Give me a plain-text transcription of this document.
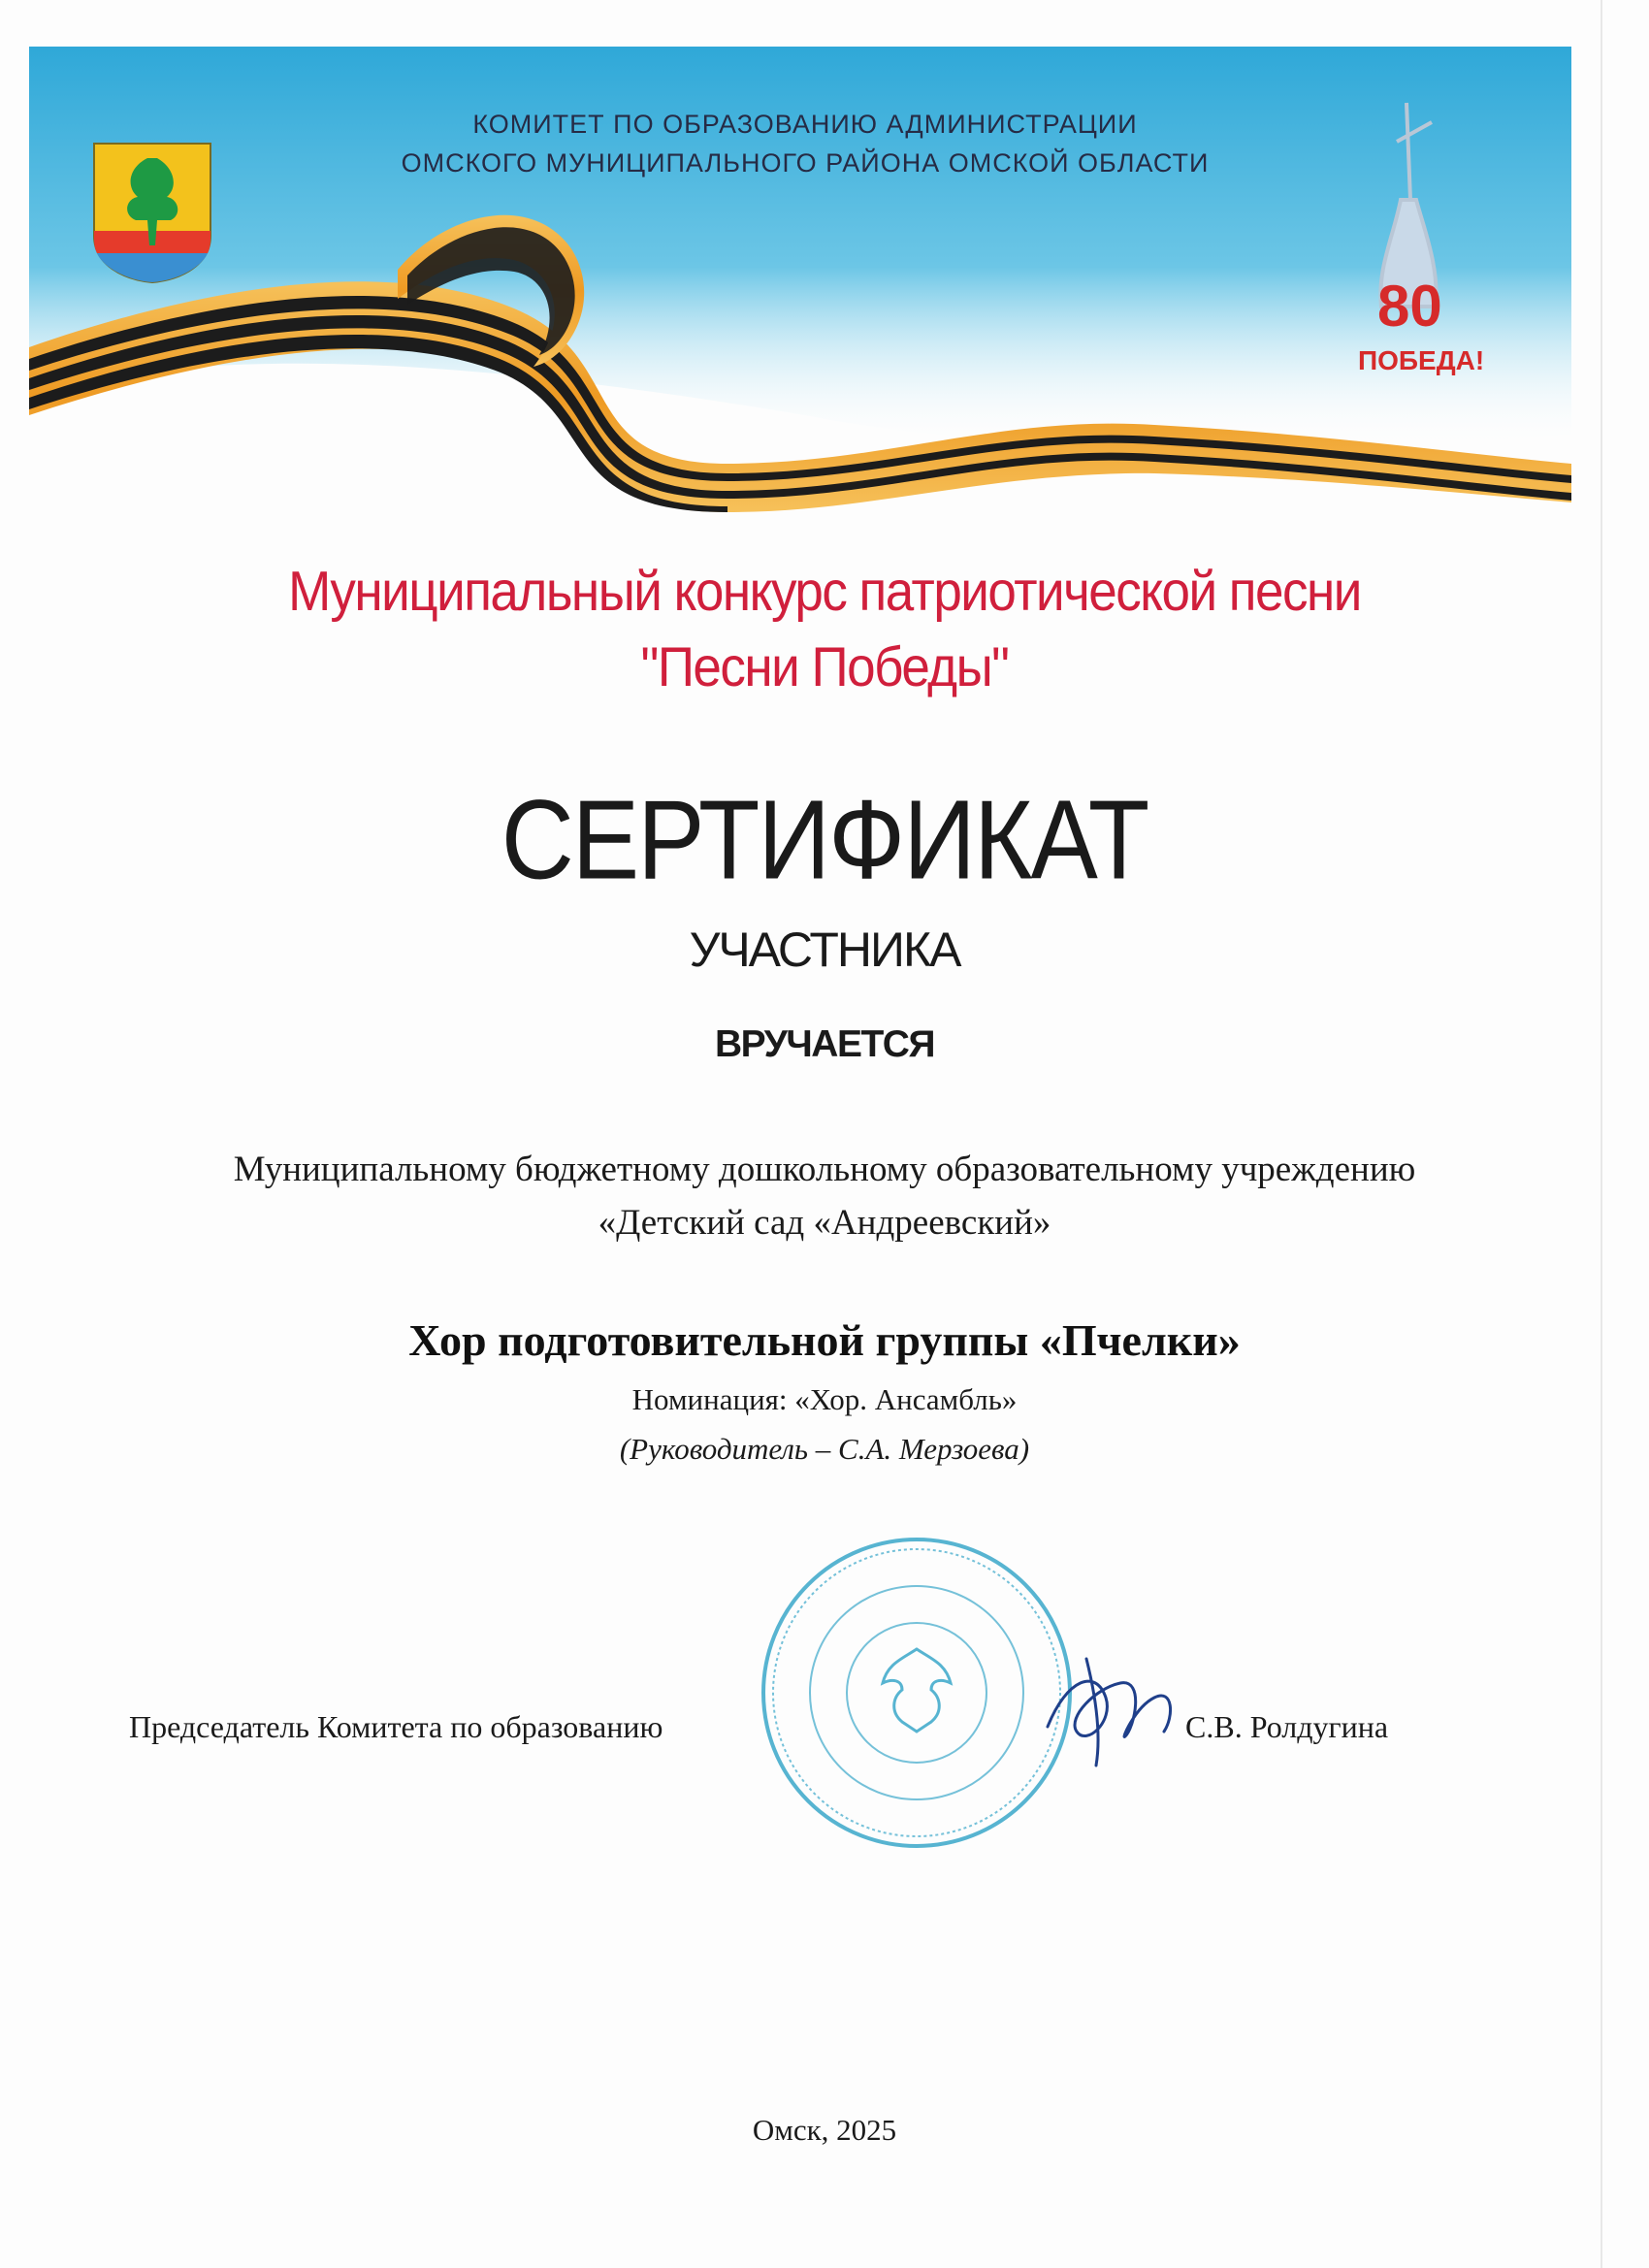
КОМИТЕТ ПО ОБРАЗОВАНИЮ АДМИНИСТРАЦИИ
ОМСКОГО МУНИЦИПАЛЬНОГО РАЙОНА ОМСКОЙ ОБЛАСТИ
80
ПОБЕДА!
Муниципальный конкурс патриотической песни
"Песни Победы"
СЕРТИФИКАТ
УЧАСТНИКА
ВРУЧАЕТСЯ
Муниципальному бюджетному дошкольному образовательному учреждению
«Детский сад «Андреевский»
Хор подготовительной группы «Пчелки»
Номинация: «Хор. Ансамбль»
(Руководитель – С.А. Мерзоева)
Председатель Комитета по образованию	С.В. Ролдугина
Омск, 2025
